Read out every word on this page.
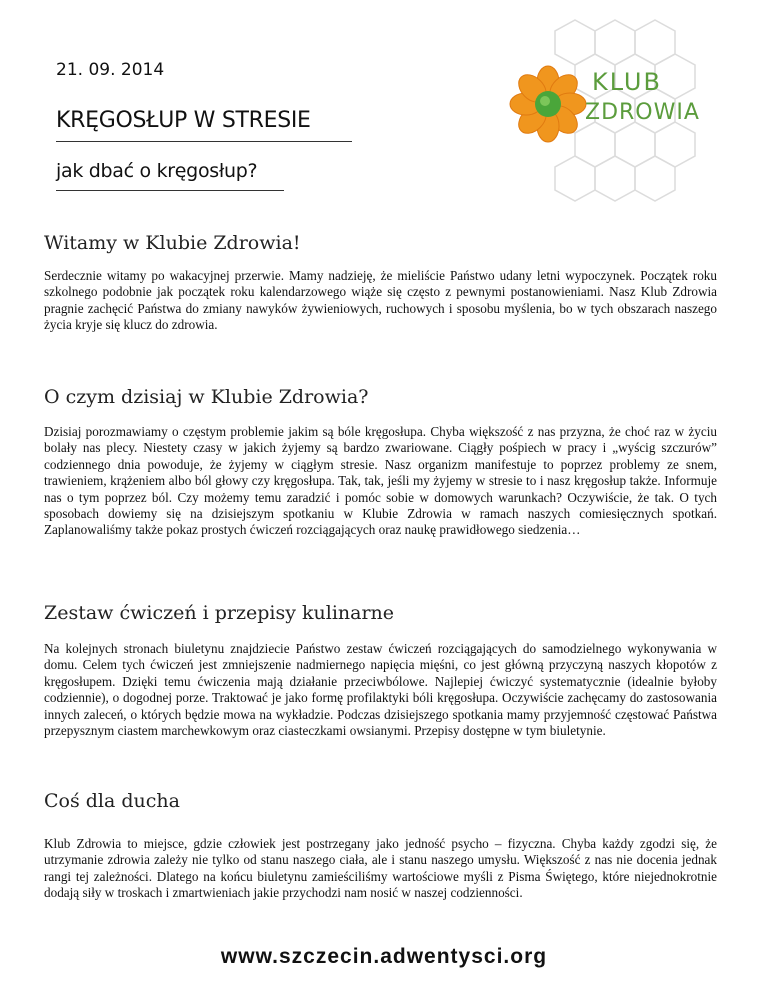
21. 09. 2014
KRĘGOSŁUP W STRESIE
jak dbać o kręgosłup?
KLUB
ZDROWIA
Witamy w Klubie Zdrowia!

Serdecznie witamy po wakacyjnej przerwie. Mamy nadzieję, że mieliście Państwo udany letni wypoczynek. Początek roku szkolnego podobnie jak początek roku kalendarzowego wiąże się często z pewnymi postanowieniami. Nasz Klub Zdrowia pragnie zachęcić Państwa do zmiany nawyków żywieniowych, ruchowych i sposobu myślenia, bo w tych obszarach naszego życia kryje się klucz do zdrowia.

O czym dzisiaj w Klubie Zdrowia?

Dzisiaj porozmawiamy o częstym problemie jakim są bóle kręgosłupa. Chyba większość z nas przyzna, że choć raz w życiu bolały nas plecy. Niestety czasy w jakich żyjemy są bardzo zwariowane. Ciągły pośpiech w pracy i „wyścig szczurów” codziennego dnia powoduje, że żyjemy w ciągłym stresie. Nasz organizm manifestuje to poprzez problemy ze snem, trawieniem, krążeniem albo ból głowy czy kręgosłupa. Tak, tak, jeśli my żyjemy w stresie to i nasz kręgosłup także. Informuje nas o tym poprzez ból. Czy możemy temu zaradzić i pomóc sobie w domowych warunkach? Oczywiście, że tak. O tych sposobach dowiemy się na dzisiejszym spotkaniu w Klubie Zdrowia w ramach naszych comiesięcznych spotkań. Zaplanowaliśmy także pokaz prostych ćwiczeń rozciągających oraz naukę prawidłowego siedzenia…

Zestaw ćwiczeń i przepisy kulinarne

Na kolejnych stronach biuletynu znajdziecie Państwo zestaw ćwiczeń rozciągających do samodzielnego wykonywania w domu. Celem tych ćwiczeń jest zmniejszenie nadmiernego napięcia mięśni, co jest główną przyczyną naszych kłopotów z kręgosłupem. Dzięki temu ćwiczenia mają działanie przeciwbólowe. Najlepiej ćwiczyć systematycznie (idealnie byłoby codziennie), o dogodnej porze. Traktować je jako formę profilaktyki bóli kręgosłupa. Oczywiście zachęcamy do zastosowania innych zaleceń, o których będzie mowa na wykładzie. Podczas dzisiejszego spotkania mamy przyjemność częstować Państwa przepysznym ciastem marchewkowym oraz ciasteczkami owsianymi. Przepisy dostępne w tym biuletynie.

Coś dla ducha

Klub Zdrowia to miejsce, gdzie człowiek jest postrzegany jako jedność psycho – fizyczna. Chyba każdy zgodzi się, że utrzymanie zdrowia zależy nie tylko od stanu naszego ciała, ale i stanu naszego umysłu. Większość z nas nie docenia jednak rangi tej zależności. Dlatego na końcu biuletynu zamieściliśmy wartościowe myśli z Pisma Świętego, które niejednokrotnie dodają siły w troskach i zmartwieniach jakie przychodzi nam nosić w naszej codzienności.

www.szczecin.adwentysci.org
